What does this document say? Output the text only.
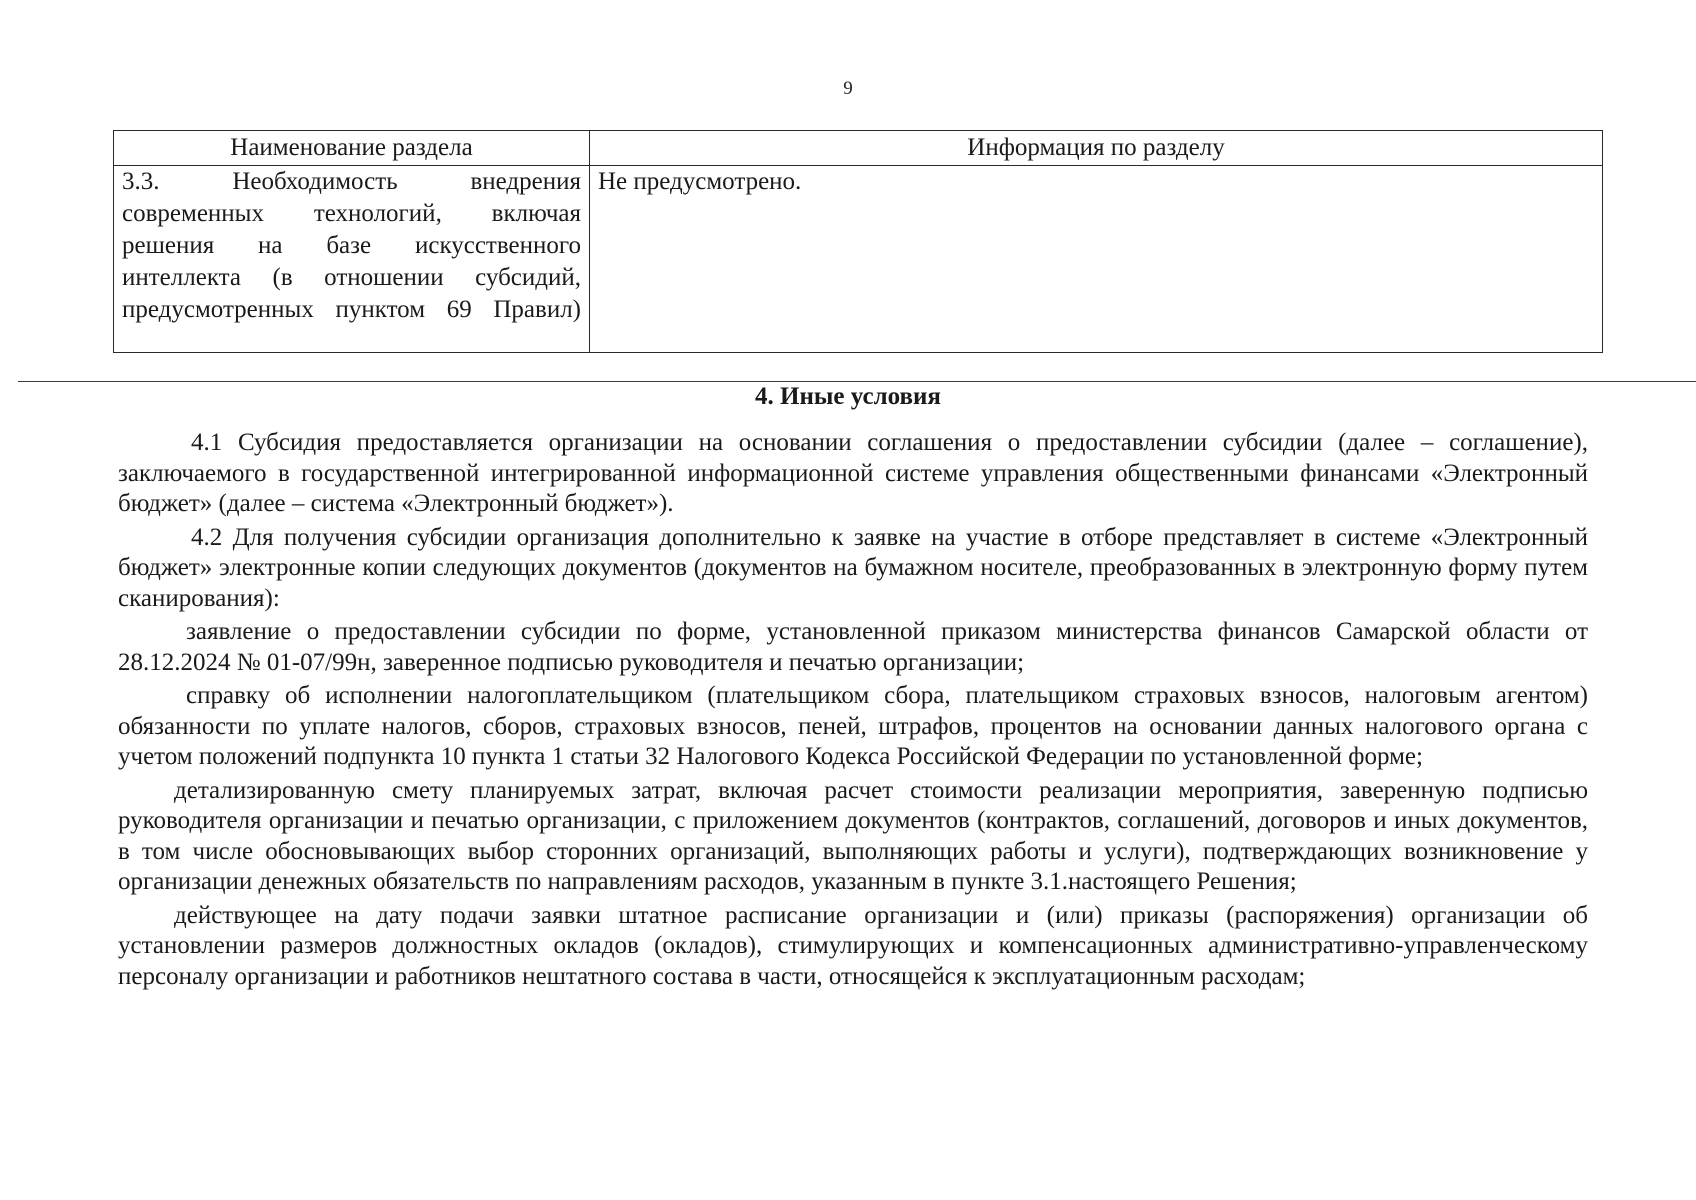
9
Наименование раздела	Информация по разделу
3.3. Необходимость внедрения современных технологий, включая решения на базе искусственного интеллекта (в отношении субсидий, предусмотренных пунктом 69 Правил)	Не предусмотрено.
4. Иные условия

4.1 Субсидия предоставляется организации на основании соглашения о предоставлении субсидии (далее – соглашение), заключаемого в государственной интегрированной информационной системе управления общественными финансами «Электронный бюджет» (далее – система «Электронный бюджет»).

4.2 Для получения субсидии организация дополнительно к заявке на участие в отборе представляет в системе «Электронный бюджет» электронные копии следующих документов (документов на бумажном носителе, преобразованных в электронную форму путем сканирования):

заявление о предоставлении субсидии по форме, установленной приказом министерства финансов Самарской области от 28.12.2024 № 01-07/99н, заверенное подписью руководителя и печатью организации;

справку об исполнении налогоплательщиком (плательщиком сбора, плательщиком страховых взносов, налоговым агентом) обязанности по уплате налогов, сборов, страховых взносов, пеней, штрафов, процентов на основании данных налогового органа с учетом положений подпункта 10 пункта 1 статьи 32 Налогового Кодекса Российской Федерации по установленной форме;

детализированную смету планируемых затрат, включая расчет стоимости реализации мероприятия, заверенную подписью руководителя организации и печатью организации, с приложением документов (контрактов, соглашений, договоров и иных документов, в том числе обосновывающих выбор сторонних организаций, выполняющих работы и услуги), подтверждающих возникновение у организации денежных обязательств по направлениям расходов, указанным в пункте 3.1.настоящего Решения;

действующее на дату подачи заявки штатное расписание организации и (или) приказы (распоряжения) организации об установлении размеров должностных окладов (окладов), стимулирующих и компенсационных административно-управленческому персоналу организации и работников нештатного состава в части, относящейся к эксплуатационным расходам;
